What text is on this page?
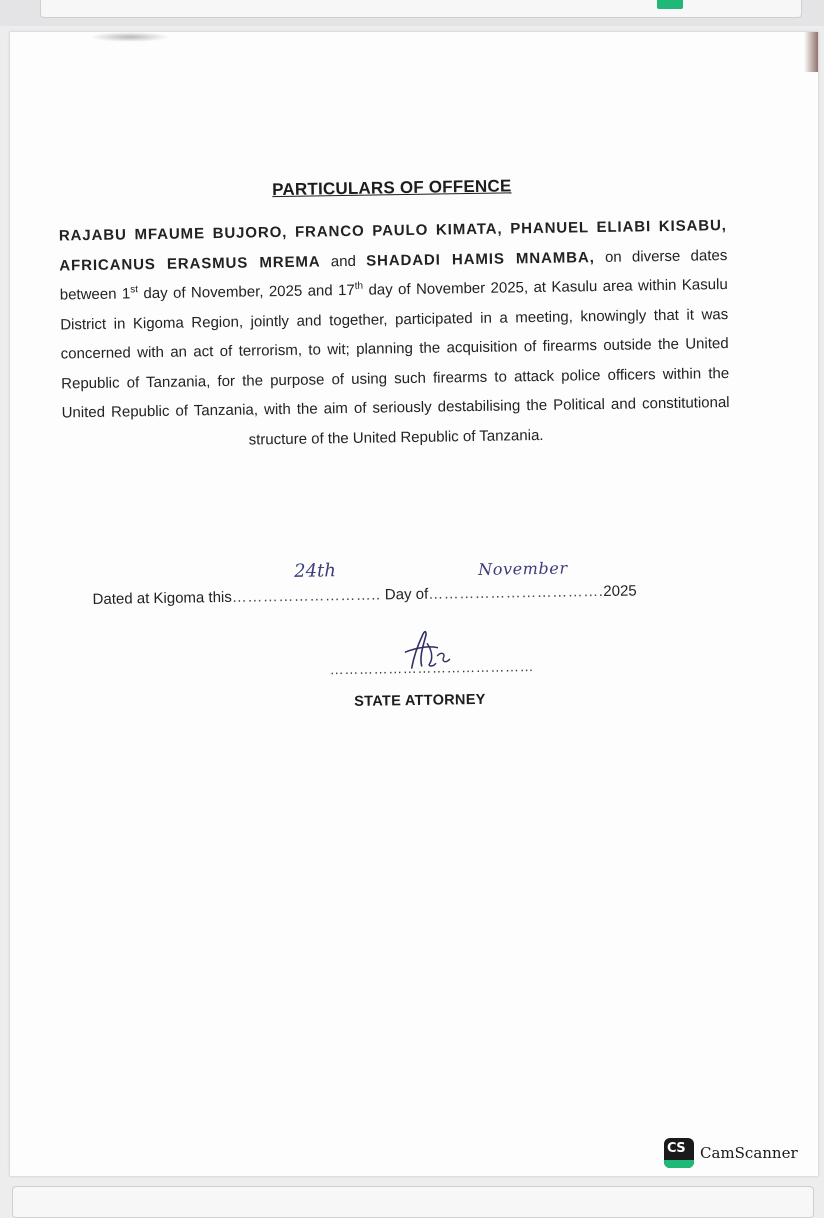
PARTICULARS OF OFFENCE
RAJABU MFAUME BUJORO, FRANCO PAULO KIMATA, PHANUEL ELIABI KISABU, AFRICANUS ERASMUS MREMA and SHADADI HAMIS MNAMBA, on diverse dates between 1st day of November, 2025 and 17th day of November 2025, at Kasulu area within Kasulu District in Kigoma Region, jointly and together, participated in a meeting, knowingly that it was concerned with an act of terrorism, to wit; planning the acquisition of firearms outside the United Republic of Tanzania, for the purpose of using such firearms to attack police officers within the United Republic of Tanzania, with the aim of seriously destabilising the Political and constitutional structure of the United Republic of Tanzania.
Dated at Kigoma this……………………….. Day of…………………………….2025
24th	November
……………………………………
STATE ATTORNEY
CS CamScanner
